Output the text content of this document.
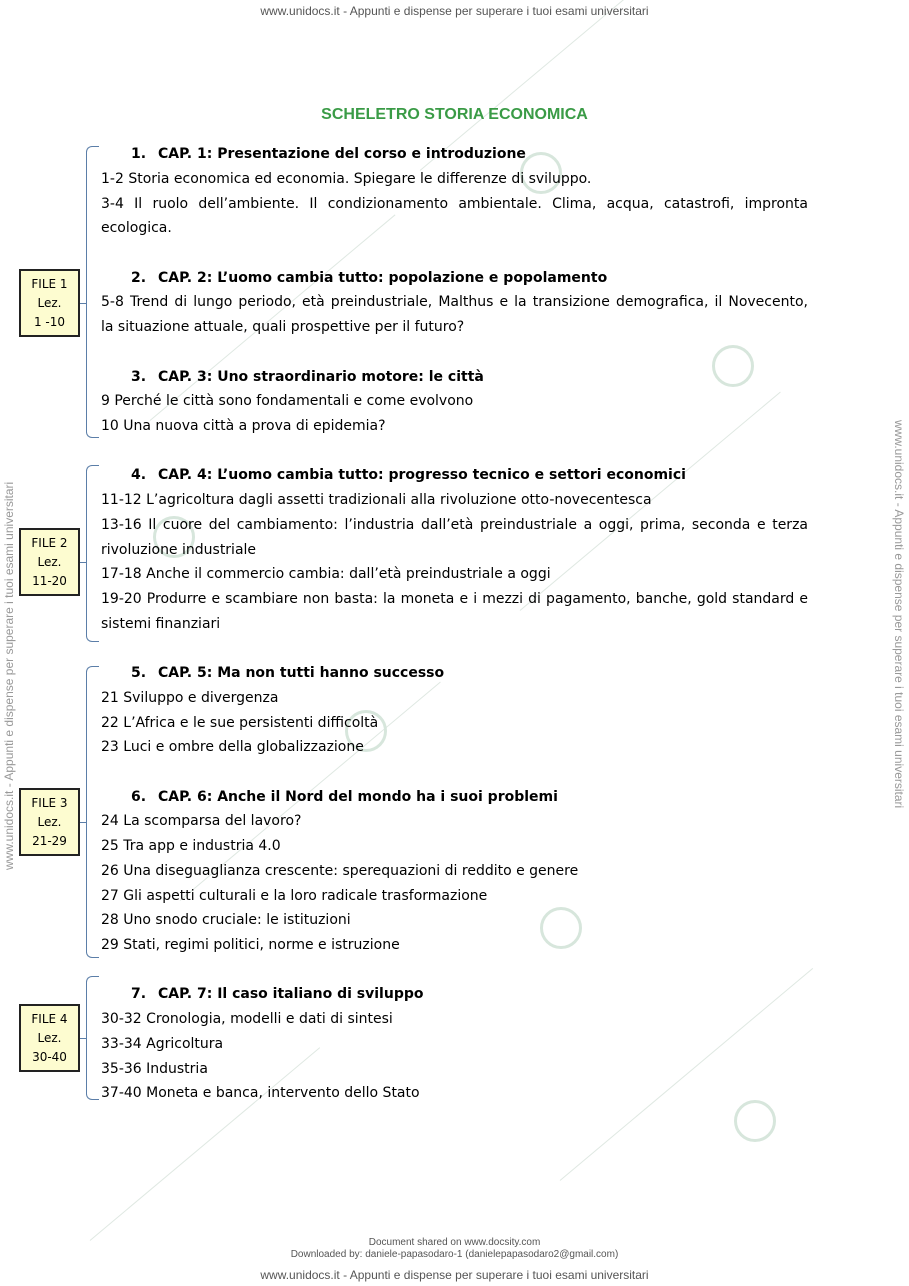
www.unidocs.it - Appunti e dispense per superare i tuoi esami universitari
www.unidocs.it - Appunti e dispense per superare i tuoi esami universitari	www.unidocs.it - Appunti e dispense per superare i tuoi esami universitari
SCHELETRO STORIA ECONOMICA
FILE 1
Lez.
1 -10
FILE 2
Lez.
11-20
FILE 3
Lez.
21-29
FILE 4
Lez.
30-40
1. CAP. 1: Presentazione del corso e introduzione
1-2 Storia economica ed economia. Spiegare le differenze di sviluppo.
3-4 Il ruolo dell’ambiente. Il condizionamento ambientale. Clima, acqua, catastrofi, impronta
ecologica.
2. CAP. 2: L’uomo cambia tutto: popolazione e popolamento
5-8 Trend di lungo periodo, età preindustriale, Malthus e la transizione demografica, il Novecento,
la situazione attuale, quali prospettive per il futuro?
3. CAP. 3: Uno straordinario motore: le città
9 Perché le città sono fondamentali e come evolvono
10 Una nuova città a prova di epidemia?
4. CAP. 4: L’uomo cambia tutto: progresso tecnico e settori economici
11-12 L’agricoltura dagli assetti tradizionali alla rivoluzione otto-novecentesca
13-16 Il cuore del cambiamento: l’industria dall’età preindustriale a oggi, prima, seconda e terza
rivoluzione industriale
17-18 Anche il commercio cambia: dall’età preindustriale a oggi
19-20 Produrre e scambiare non basta: la moneta e i mezzi di pagamento, banche, gold standard e
sistemi finanziari
5. CAP. 5: Ma non tutti hanno successo
21 Sviluppo e divergenza
22 L’Africa e le sue persistenti difficoltà
23 Luci e ombre della globalizzazione
6. CAP. 6: Anche il Nord del mondo ha i suoi problemi
24 La scomparsa del lavoro?
25 Tra app e industria 4.0
26 Una diseguaglianza crescente: sperequazioni di reddito e genere
27 Gli aspetti culturali e la loro radicale trasformazione
28 Uno snodo cruciale: le istituzioni
29 Stati, regimi politici, norme e istruzione
7. CAP. 7: Il caso italiano di sviluppo
30-32 Cronologia, modelli e dati di sintesi
33-34 Agricoltura
35-36 Industria
37-40 Moneta e banca, intervento dello Stato
Document shared on www.docsity.com
Downloaded by: daniele-papasodaro-1 (danielepapasodaro2@gmail.com)
www.unidocs.it - Appunti e dispense per superare i tuoi esami universitari
